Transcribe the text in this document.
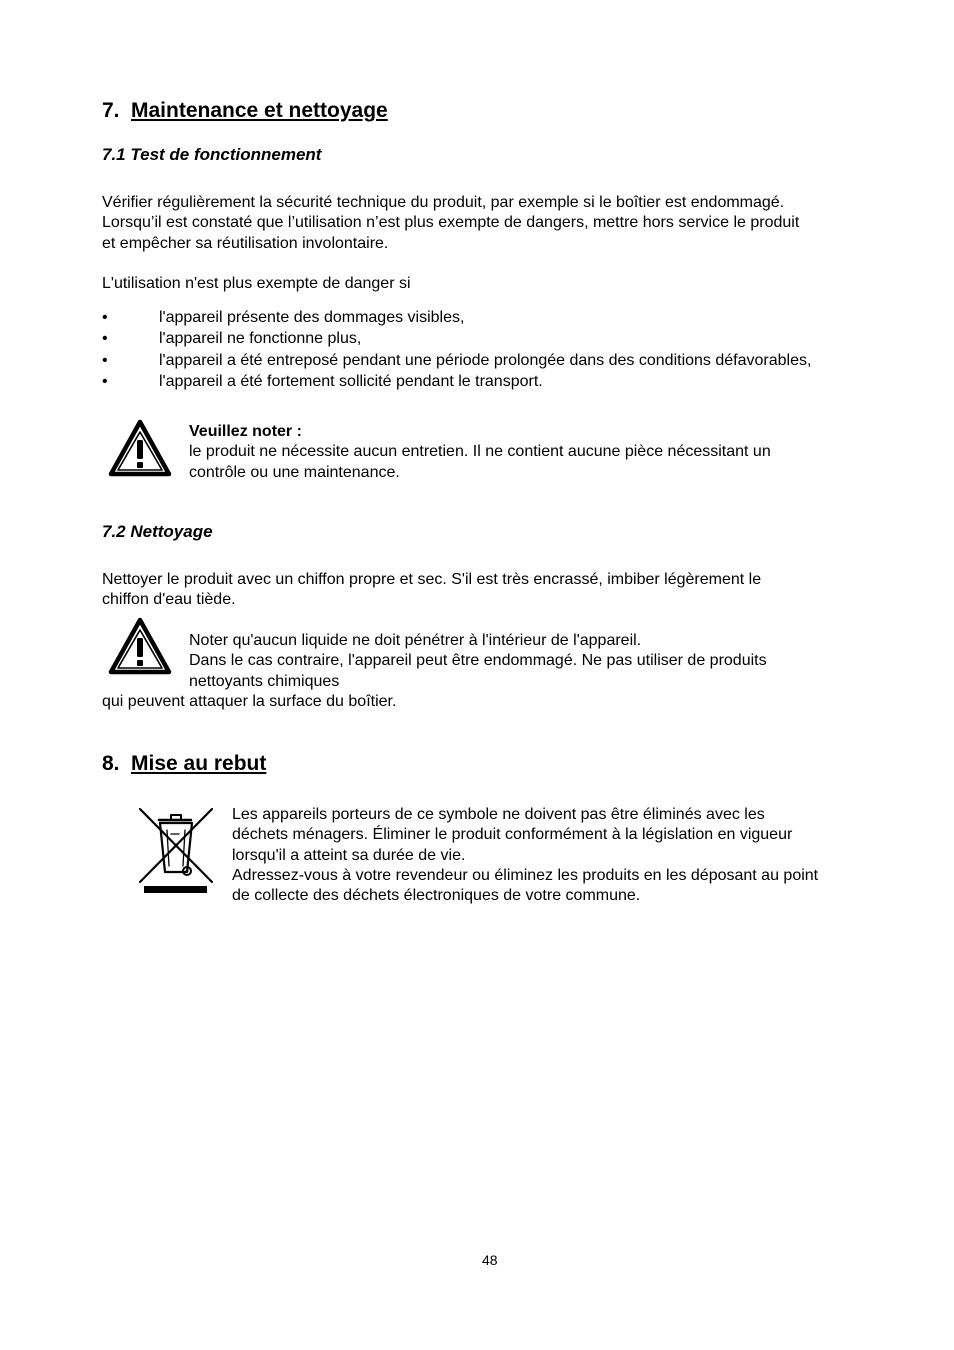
7. Maintenance et nettoyage
7.1 Test de fonctionnement
Vérifier régulièrement la sécurité technique du produit, par exemple si le boîtier est endommagé.
Lorsqu’il est constaté que l’utilisation n’est plus exempte de dangers, mettre hors service le produit
et empêcher sa réutilisation involontaire.
L'utilisation n'est plus exempte de danger si
•	l'appareil présente des dommages visibles,
•	l'appareil ne fonctionne plus,
•	l'appareil a été entreposé pendant une période prolongée dans des conditions défavorables,
•	l'appareil a été fortement sollicité pendant le transport.
Veuillez noter :
le produit ne nécessite aucun entretien. Il ne contient aucune pièce nécessitant un
contrôle ou une maintenance.
7.2 Nettoyage
Nettoyer le produit avec un chiffon propre et sec. S'il est très encrassé, imbiber légèrement le
chiffon d'eau tiède.
Noter qu'aucun liquide ne doit pénétrer à l'intérieur de l'appareil.
Dans le cas contraire, l'appareil peut être endommagé. Ne pas utiliser de produits
nettoyants chimiques
qui peuvent attaquer la surface du boîtier.
8. Mise au rebut
Les appareils porteurs de ce symbole ne doivent pas être éliminés avec les
déchets ménagers. Éliminer le produit conformément à la législation en vigueur
lorsqu'il a atteint sa durée de vie.
Adressez-vous à votre revendeur ou éliminez les produits en les déposant au point
de collecte des déchets électroniques de votre commune.
48
